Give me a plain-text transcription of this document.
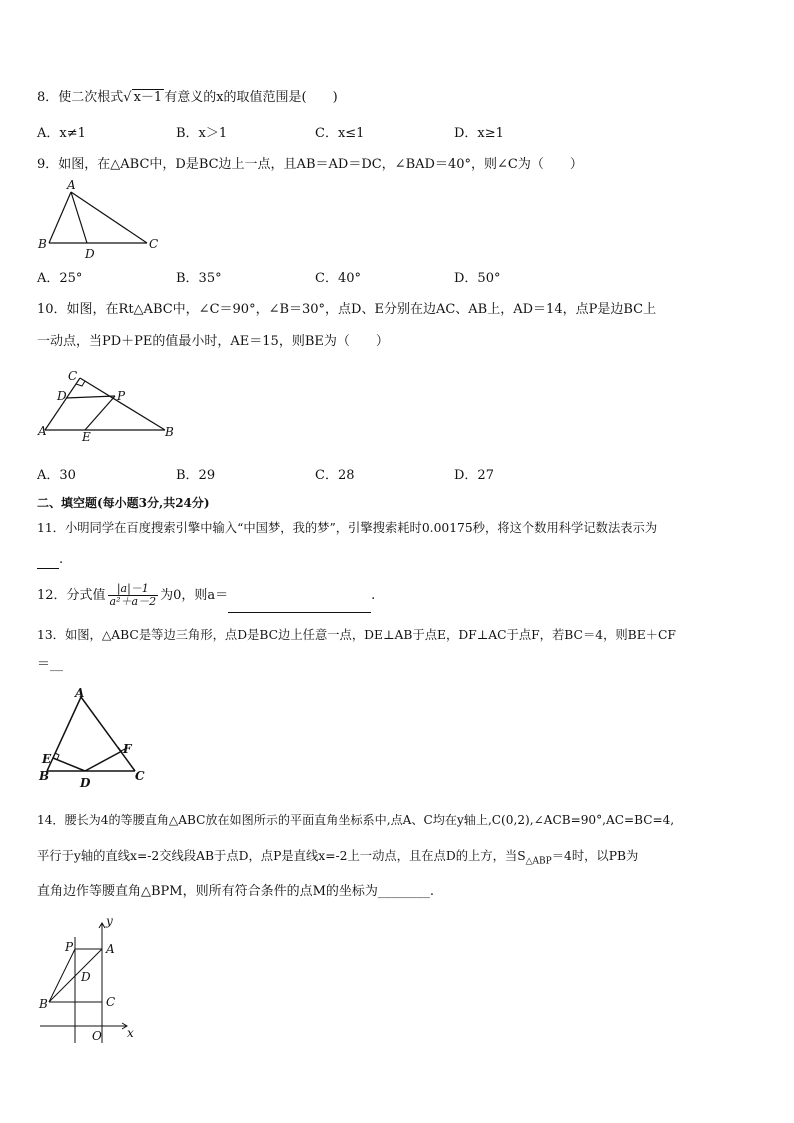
8．使二次根式√ x－1 有意义的x的取值范围是(　　)
A．x≠1	B．x＞1	C．x≤1	D．x≥1
9．如图，在△ABC中，D是BC边上一点，且AB＝AD＝DC，∠BAD＝40°，则∠C为（　　）
A
B
D
C
A．25°	B．35°	C．40°	D．50°
10．如图，在Rt△ABC中，∠C＝90°，∠B＝30°，点D、E分别在边AC、AB上，AD＝14，点P是边BC上
一动点，当PD＋PE的值最小时，AE＝15，则BE为（　　）
C
D	P
A	E	B
A．30	B．29	C．28	D．27
二、填空题(每小题3分,共24分)
11．小明同学在百度搜索引擎中输入“中国梦，我的梦”，引擎搜索耗时0.00175秒，将这个数用科学记数法表示为
.
12．分式值 $\frac{|a|-1}{\text{a²＋a－2}}$ 为0，则a＝	.
13．如图，△ABC是等边三角形，点D是BC边上任意一点，DE⊥AB于点E，DF⊥AC于点F，若BC＝4，则BE＋CF
＝__
A
E
F
B	D	C
14．腰长为4的等腰直角△ABC放在如图所示的平面直角坐标系中,点A、C均在y轴上,C(0,2),∠ACB=90°,AC=BC=4,
平行于y轴的直线x=-2交线段AB于点D，点P是直线x=-2上一动点，且在点D的上方，当$S_{\triangle ABP}=4$时，以PB为
直角边作等腰直角△BPM，则所有符合条件的点M的坐标为________.
y
P	A
D
B	C
O x
